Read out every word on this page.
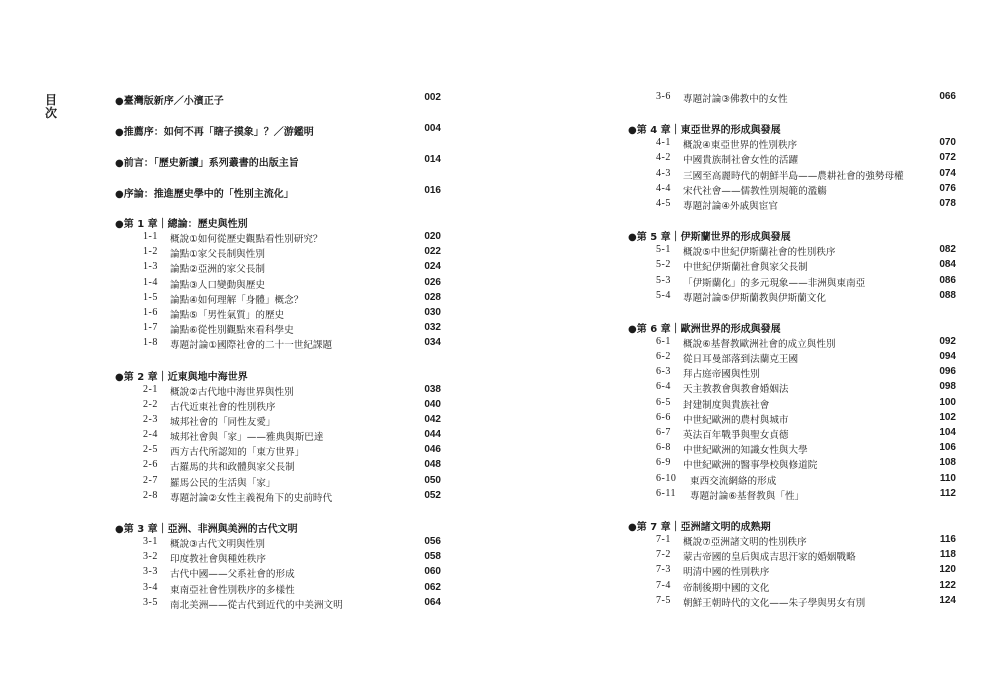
目次
●臺灣版新序／小濱正子	002
●推薦序：如何不再「瞎子摸象」？／游鑑明	004
●前言：「歷史新讀」系列叢書的出版主旨	014
●序論：推進歷史學中的「性別主流化」	016
●第 1 章｜總論：歷史與性別
1-1 概說①如何從歷史觀點看性別研究？	020
1-2 論點①家父長制與性別	022
1-3 論點②亞洲的家父長制	024
1-4 論點③人口變動與歷史	026
1-5 論點④如何理解「身體」概念？	028
1-6 論點⑤「男性氣質」的歷史	030
1-7 論點⑥從性別觀點來看科學史	032
1-8 專題討論①國際社會的二十一世紀課題	034
●第 2 章｜近東與地中海世界
2-1 概說②古代地中海世界與性別	038
2-2 古代近東社會的性別秩序	040
2-3 城邦社會的「同性友愛」	042
2-4 城邦社會與「家」——雅典與斯巴達	044
2-5 西方古代所認知的「東方世界」	046
2-6 古羅馬的共和政體與家父長制	048
2-7 羅馬公民的生活與「家」	050
2-8 專題討論②女性主義視角下的史前時代	052
●第 3 章｜亞洲、非洲與美洲的古代文明
3-1 概說③古代文明與性別	056
3-2 印度教社會與種姓秩序	058
3-3 古代中國——父系社會的形成	060
3-4 東南亞社會性別秩序的多樣性	062
3-5 南北美洲——從古代到近代的中美洲文明	064
3-6 專題討論③佛教中的女性	066
●第 4 章｜東亞世界的形成與發展
4-1 概說④東亞世界的性別秩序	070
4-2 中國貴族制社會女性的活躍	072
4-3 三國至高麗時代的朝鮮半島——農耕社會的強勢母權	074
4-4 宋代社會——儒教性別規範的濫觴	076
4-5 專題討論④外戚與宦官	078
●第 5 章｜伊斯蘭世界的形成與發展
5-1 概說⑤中世紀伊斯蘭社會的性別秩序	082
5-2 中世紀伊斯蘭社會與家父長制	084
5-3 「伊斯蘭化」的多元現象——非洲與東南亞	086
5-4 專題討論⑤伊斯蘭教與伊斯蘭文化	088
●第 6 章｜歐洲世界的形成與發展
6-1 概說⑥基督教歐洲社會的成立與性別	092
6-2 從日耳曼部落到法蘭克王國	094
6-3 拜占庭帝國與性別	096
6-4 天主教教會與教會婚姻法	098
6-5 封建制度與貴族社會	100
6-6 中世紀歐洲的農村與城市	102
6-7 英法百年戰爭與聖女貞德	104
6-8 中世紀歐洲的知識女性與大學	106
6-9 中世紀歐洲的醫事學校與修道院	108
6-10 東西交流網絡的形成	110
6-11 專題討論⑥基督教與「性」	112
●第 7 章｜亞洲諸文明的成熟期
7-1 概說⑦亞洲諸文明的性別秩序	116
7-2 蒙古帝國的皇后與成吉思汗家的婚姻戰略	118
7-3 明清中國的性別秩序	120
7-4 帝制後期中國的文化	122
7-5 朝鮮王朝時代的文化——朱子學與男女有別	124
